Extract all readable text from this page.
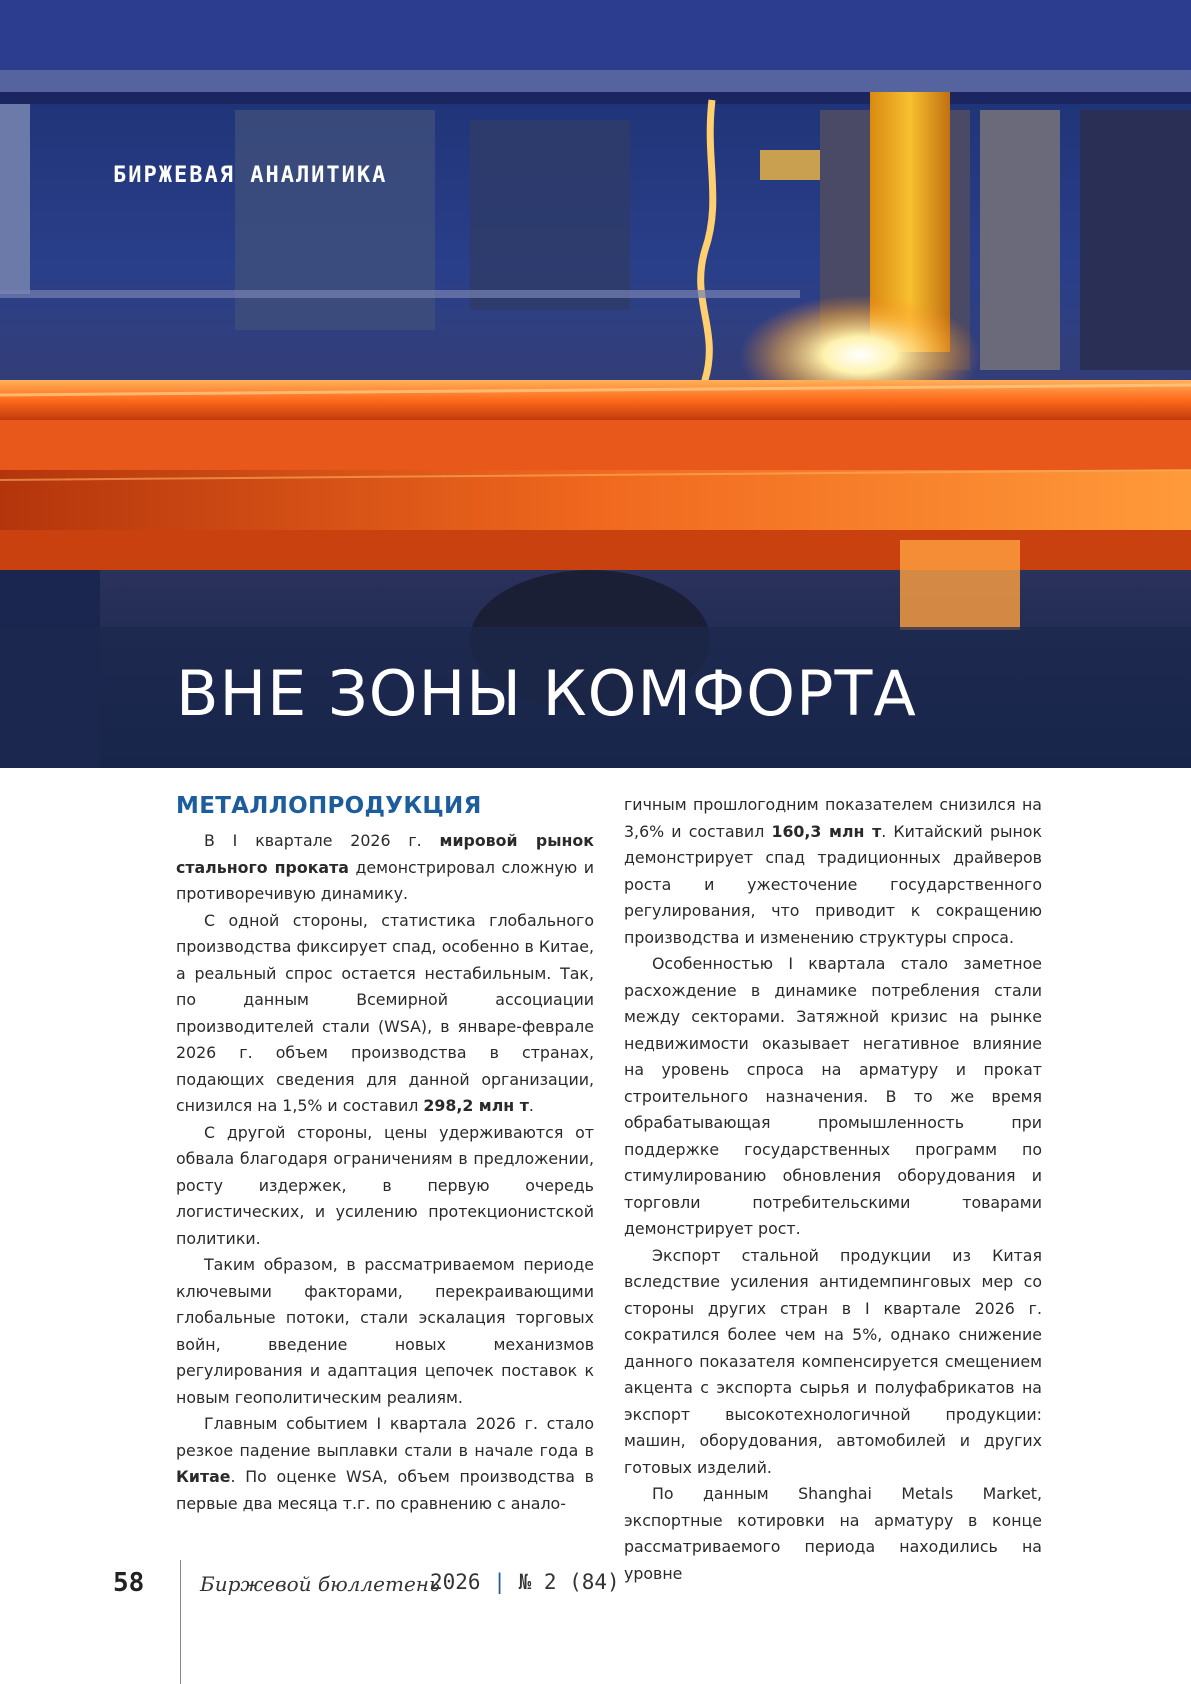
БИРЖЕВАЯ АНАЛИТИКА
ВНЕ ЗОНЫ КОМФОРТА
МЕТАЛЛОПРОДУКЦИЯ

В I квартале 2026 г. мировой рынок стального проката демонстрировал сложную и противоречивую динамику.

С одной стороны, статистика глобального производства фиксирует спад, особенно в Китае, а реальный спрос остается нестабильным. Так, по данным Всемирной ассоциации производителей стали (WSA), в январе-феврале 2026 г. объем производства в странах, подающих сведения для данной организации, снизился на 1,5% и составил 298,2 млн т.

С другой стороны, цены удерживаются от обвала благодаря ограничениям в предложении, росту издержек, в первую очередь логистических, и усилению протекционистской политики.

Таким образом, в рассматриваемом периоде ключевыми факторами, перекраивающими глобальные потоки, стали эскалация торговых войн, введение новых механизмов регулирования и адаптация цепочек поставок к новым геополитическим реалиям.

Главным событием I квартала 2026 г. стало резкое падение выплавки стали в начале года в Китае. По оценке WSA, объем производства в первые два месяца т.г. по сравнению с анало-

гичным прошлогодним показателем снизился на 3,6% и составил 160,3 млн т. Китайский рынок демонстрирует спад традиционных драйверов роста и ужесточение государственного регулирования, что приводит к сокращению производства и изменению структуры спроса.

Особенностью I квартала стало заметное расхождение в динамике потребления стали между секторами. Затяжной кризис на рынке недвижимости оказывает негативное влияние на уровень спроса на арматуру и прокат строительного назначения. В то же время обрабатывающая промышленность при поддержке государственных программ по стимулированию обновления оборудования и торговли потребительскими товарами демонстрирует рост.

Экспорт стальной продукции из Китая вследствие усиления антидемпинговых мер со стороны других стран в I квартале 2026 г. сократился более чем на 5%, однако снижение данного показателя компенсируется смещением акцента с экспорта сырья и полуфабрикатов на экспорт высокотехнологичной продукции: машин, оборудования, автомобилей и других готовых изделий.

По данным Shanghai Metals Market, экспортные котировки на арматуру в конце рассматриваемого периода находились на уровне

58	Биржевой бюллетень
2026 | № 2 (84)
